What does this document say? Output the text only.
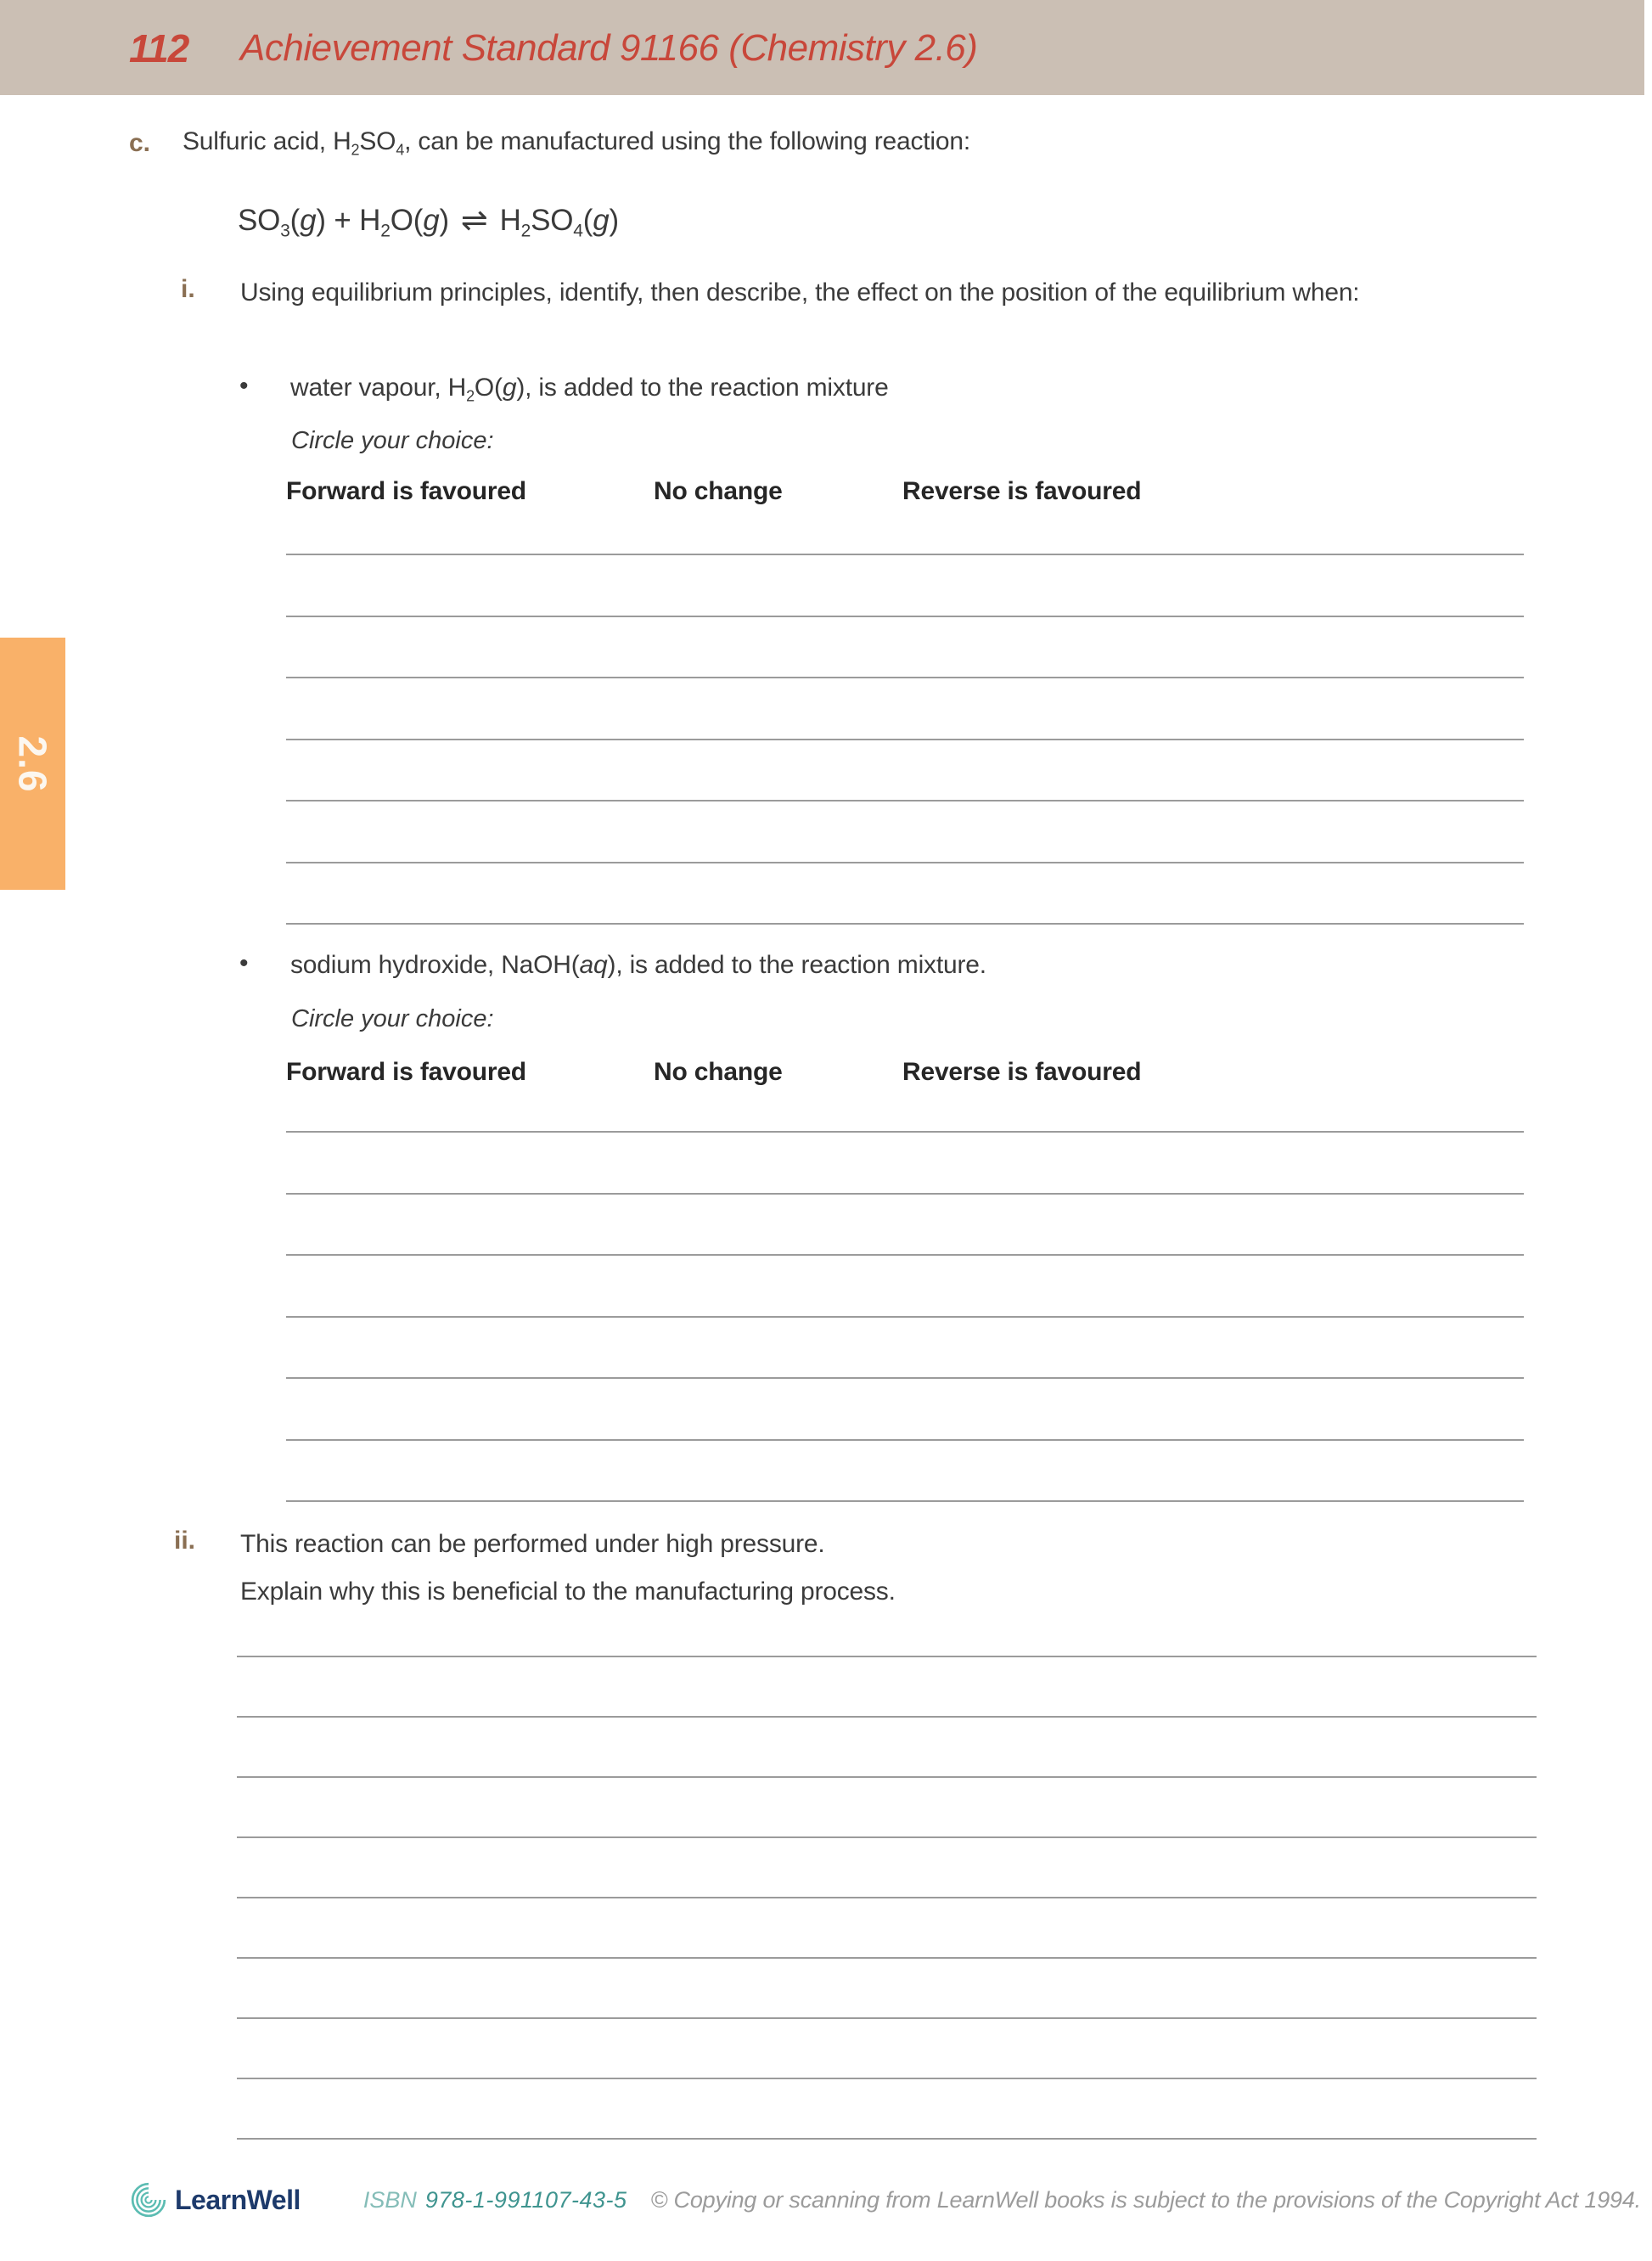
112 Achievement Standard 91166 (Chemistry 2.6)
2.6
c. Sulfuric acid, $H_2SO_4$, can be manufactured using the following reaction:

$SO_3(g) + H_2O(g)$ ⇌ $H_2SO_4(g)$

i. Using equilibrium principles, identify, then describe, the effect on the position of the equilibrium when:

• water vapour, $H_2O(g)$, is added to the reaction mixture

Circle your choice:
Forward is favoured	No change	Reverse is favoured
• sodium hydroxide, NaOH(aq), is added to the reaction mixture.

Circle your choice:
Forward is favoured	No change	Reverse is favoured
ii. This reaction can be performed under high pressure.

Explain why this is beneficial to the manufacturing process.

LearnWell	ISBN 978-1-991107-43-5 © Copying or scanning from LearnWell books is subject to the provisions of the Copyright Act 1994.
